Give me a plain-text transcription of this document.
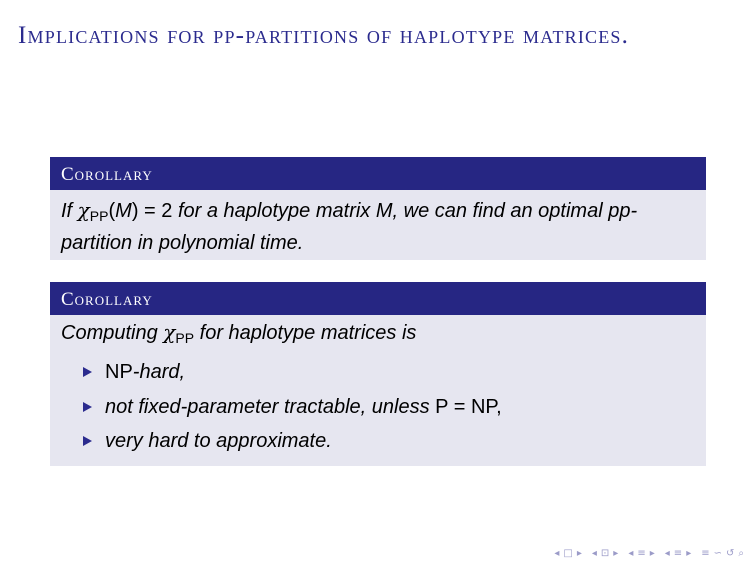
Implications for pp-partitions of haplotype matrices.
Corollary
If $\chi_{PP}(M) = 2$ for a haplotype matrix M, we can find an optimal pp-partition in polynomial time.
Corollary
Computing $\chi_{PP}$ for haplotype matrices is
NP-hard,
not fixed-parameter tractable, unless P = NP,
very hard to approximate.
◂ □ ▸ ◂ ⊡ ▸ ◂ ≡ ▸ ◂ ≡ ▸ ≡ ∽ ↺ ⌕
